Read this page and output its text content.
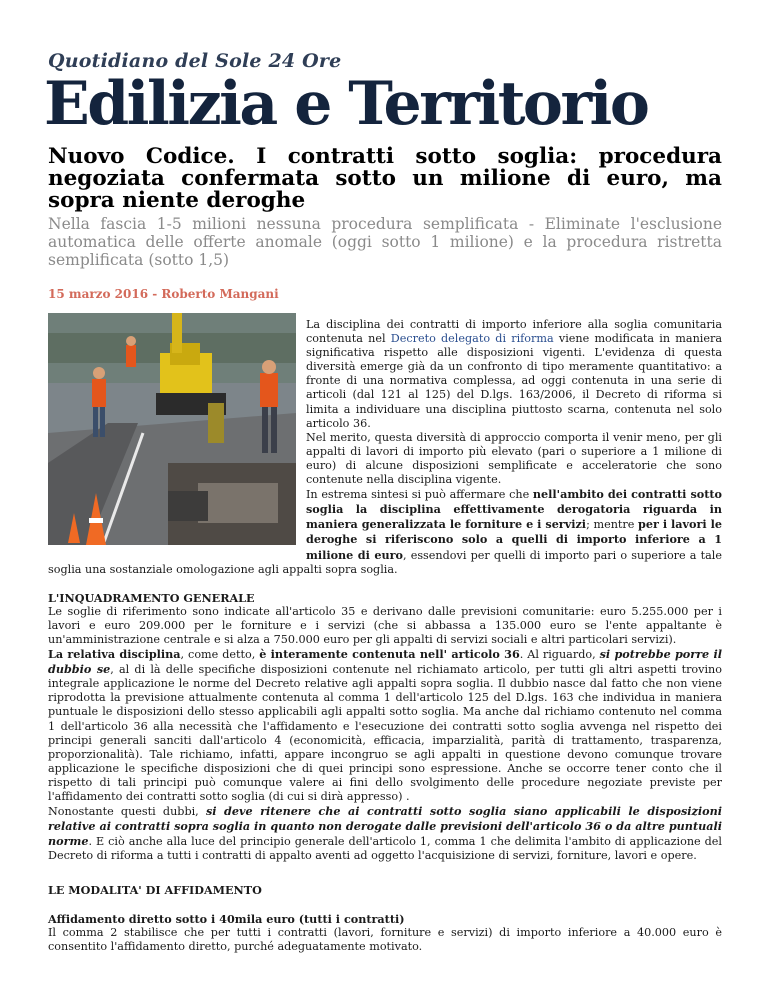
Quotidiano del Sole 24 Ore
Edilizia e Territorio
Nuovo Codice. I contratti sotto soglia: procedura negoziata confermata sotto un milione di euro, ma sopra niente deroghe
Nella fascia 1-5 milioni nessuna procedura semplificata - Eliminate l'esclusione automatica delle offerte anomale (oggi sotto 1 milione) e la procedura ristretta semplificata (sotto 1,5)
15 marzo 2016 - Roberto Mangani

La disciplina dei contratti di importo inferiore alla soglia comunitaria contenuta nel Decreto delegato di riforma viene modificata in maniera significativa rispetto alle disposizioni vigenti. L'evidenza di questa diversità emerge già da un confronto di tipo meramente quantitativo: a fronte di una normativa complessa, ad oggi contenuta in una serie di articoli (dal 121 al 125) del D.lgs. 163/2006, il Decreto di riforma si limita a individuare una disciplina piuttosto scarna, contenuta nel solo articolo 36.

Nel merito, questa diversità di approccio comporta il venir meno, per gli appalti di lavori di importo più elevato (pari o superiore a 1 milione di euro) di alcune disposizioni semplificate e acceleratorie che sono contenute nella disciplina vigente.

In estrema sintesi si può affermare che nell'ambito dei contratti sotto soglia la disciplina effettivamente derogatoria riguarda in maniera generalizzata le forniture e i servizi; mentre per i lavori le deroghe si riferiscono solo a quelli di importo inferiore a 1 milione di euro, essendovi per quelli di importo pari o superiore a tale soglia una sostanziale omologazione agli appalti sopra soglia.

L'INQUADRAMENTO GENERALE

Le soglie di riferimento sono indicate all'articolo 35 e derivano dalle previsioni comunitarie: euro 5.255.000 per i lavori e euro 209.000 per le forniture e i servizi (che si abbassa a 135.000 euro se l'ente appaltante è un'amministrazione centrale e si alza a 750.000 euro per gli appalti di servizi sociali e altri particolari servizi).

La relativa disciplina, come detto, è interamente contenuta nell' articolo 36. Al riguardo, si potrebbe porre il dubbio se, al di là delle specifiche disposizioni contenute nel richiamato articolo, per tutti gli altri aspetti trovino integrale applicazione le norme del Decreto relative agli appalti sopra soglia. Il dubbio nasce dal fatto che non viene riprodotta la previsione attualmente contenuta al comma 1 dell'articolo 125 del D.lgs. 163 che individua in maniera puntuale le disposizioni dello stesso applicabili agli appalti sotto soglia. Ma anche dal richiamo contenuto nel comma 1 dell'articolo 36 alla necessità che l'affidamento e l'esecuzione dei contratti sotto soglia avvenga nel rispetto dei principi generali sanciti dall'articolo 4 (economicità, efficacia, imparzialità, parità di trattamento, trasparenza, proporzionalità). Tale richiamo, infatti, appare incongruo se agli appalti in questione devono comunque trovare applicazione le specifiche disposizioni che di quei principi sono espressione. Anche se occorre tener conto che il rispetto di tali principi può comunque valere ai fini dello svolgimento delle procedure negoziate previste per l'affidamento dei contratti sotto soglia (di cui si dirà appresso) .

Nonostante questi dubbi, si deve ritenere che ai contratti sotto soglia siano applicabili le disposizioni relative ai contratti sopra soglia in quanto non derogate dalle previsioni dell'articolo 36 o da altre puntuali norme. E ciò anche alla luce del principio generale dell'articolo 1, comma 1 che delimita l'ambito di applicazione del Decreto di riforma a tutti i contratti di appalto aventi ad oggetto l'acquisizione di servizi, forniture, lavori e opere.

LE MODALITA' DI AFFIDAMENTO

Affidamento diretto sotto i 40mila euro (tutti i contratti)

Il comma 2 stabilisce che per tutti i contratti (lavori, forniture e servizi) di importo inferiore a 40.000 euro è consentito l'affidamento diretto, purché adeguatamente motivato.
